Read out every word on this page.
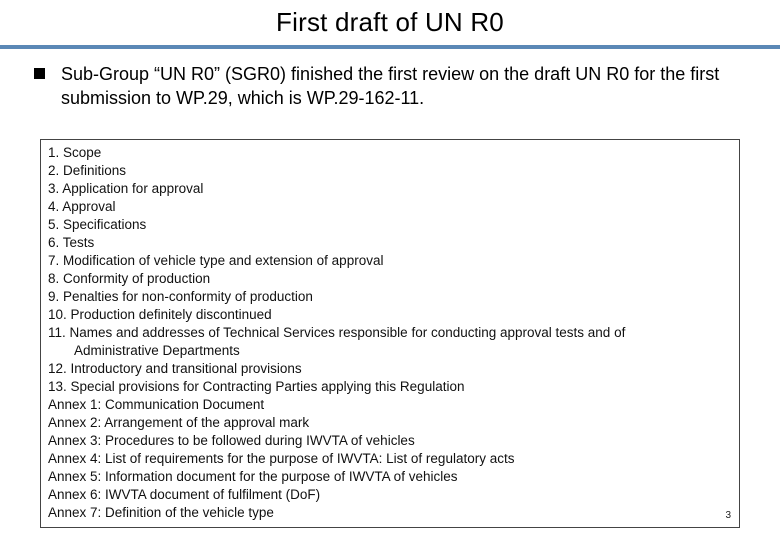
First draft of UN R0
Sub-Group “UN R0” (SGR0) finished the first review on the draft UN R0 for the first submission to WP.29, which is WP.29-162-11.
1. Scope
2. Definitions
3. Application for approval
4. Approval
5. Specifications
6. Tests
7. Modification of vehicle type and extension of approval
8. Conformity of production
9. Penalties for non-conformity of production
10. Production definitely discontinued
11. Names and addresses of Technical Services responsible for conducting approval tests and of
Administrative Departments
12. Introductory and transitional provisions
13. Special provisions for Contracting Parties applying this Regulation
Annex 1: Communication Document
Annex 2: Arrangement of the approval mark
Annex 3: Procedures to be followed during IWVTA of vehicles
Annex 4: List of requirements for the purpose of IWVTA: List of regulatory acts
Annex 5: Information document for the purpose of IWVTA of vehicles
Annex 6: IWVTA document of fulfilment (DoF)
Annex 7: Definition of the vehicle type	3
